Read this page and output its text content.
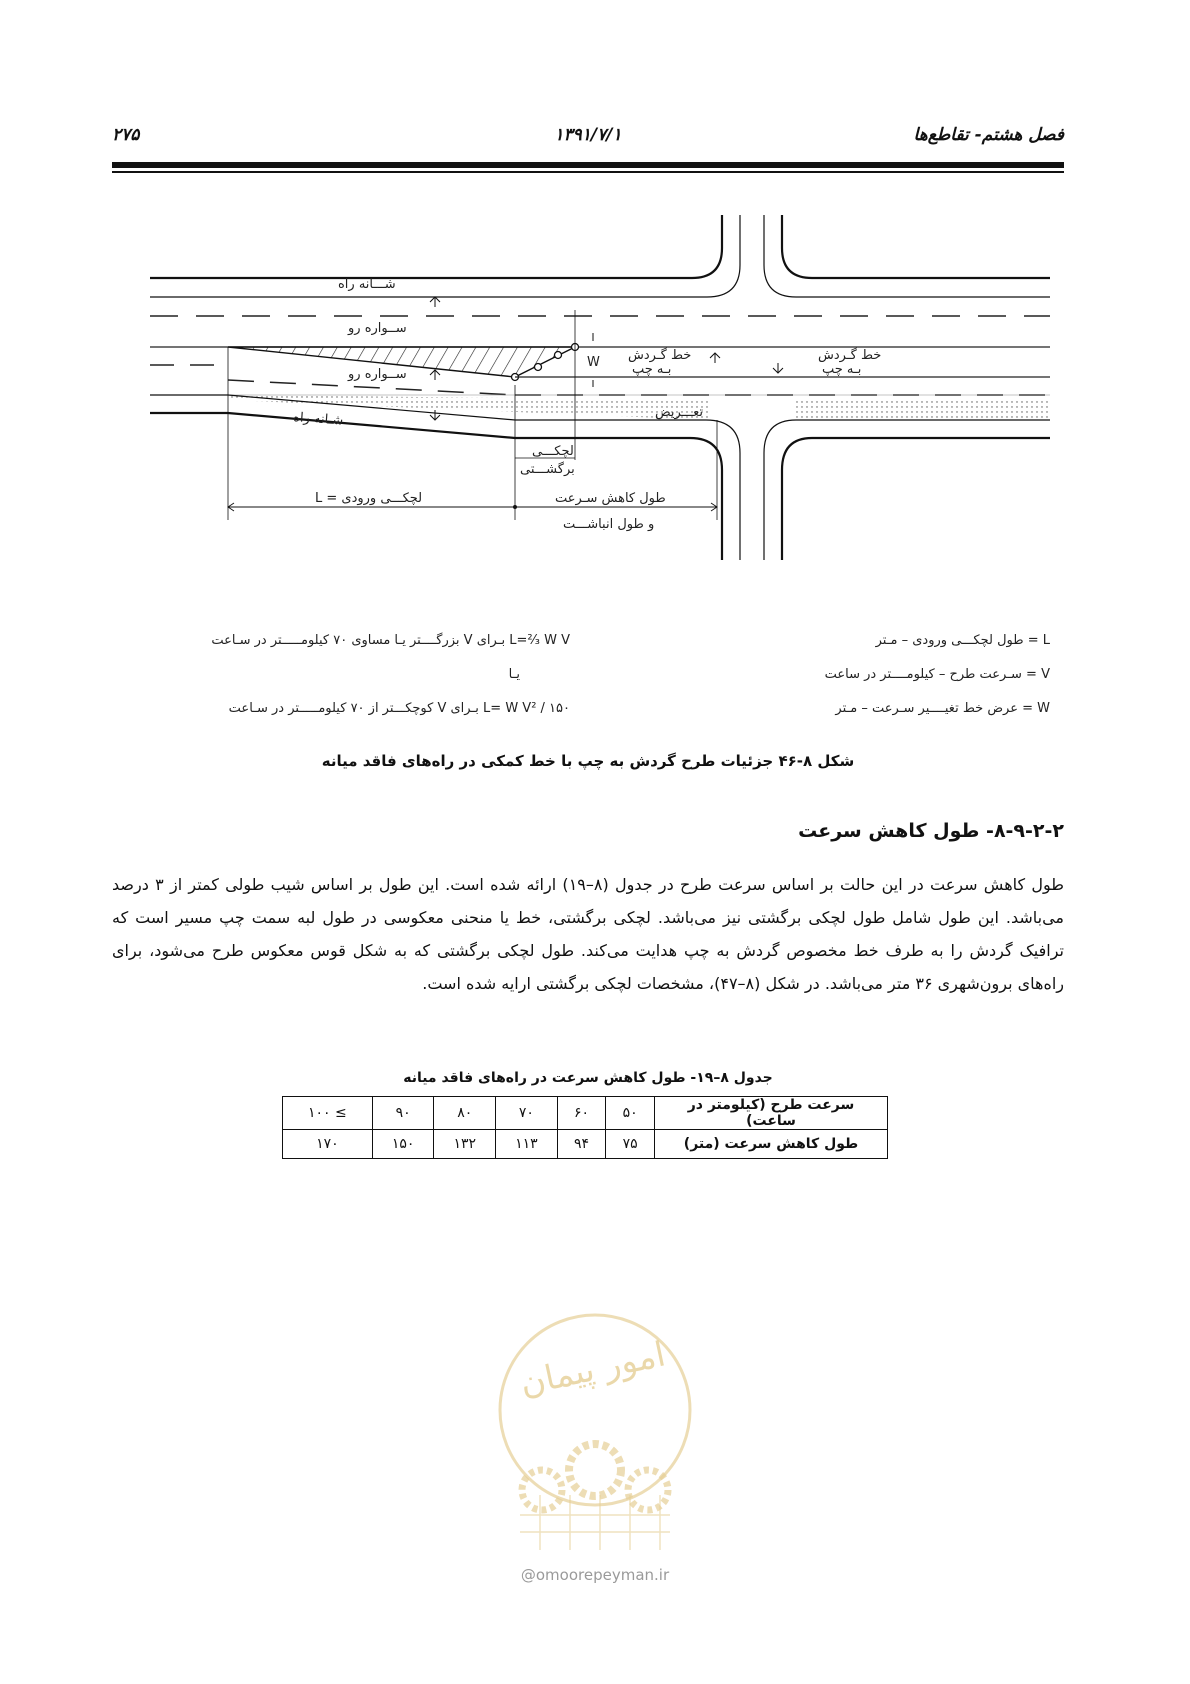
فصل هشتم- تقاطع‌ها
۱۳۹۱/۷/۱
۲۷۵
شـــانه راه
ســواره رو
ســواره رو
شـانه راه
خط گـردش
بـه چپ
خط گـردش
بـه چپ
W
تعـــريض
لچكـــی
برگشـــتی
L = لچكـــی ورودی	طول كاهش سـرعت
و طول انباشـــت
L = طول لچكـــی ورودی – مـتر
V = سـرعت طرح – كيلومــــتر در ساعت
W = عرض خط تغيــــير سـرعت – مـتر
L=²⁄₃ W V بـرای V بزرگــــتر يـا مساوی ۷۰ كيلومـــــتر در سـاعت
يـا
L= W V² / ۱۵۰ بـرای V كوچكـــتر از ۷۰ كيلومـــــتر در سـاعت
شكل ۸-۴۶ جزئيات طرح گردش به چپ با خط كمكی در راه‌های فاقد ميانه
۸-۹-۲-۲- طول كاهش سرعت
طول كاهش سرعت در اين حالت بر اساس سرعت طرح در جدول (۸–۱۹) ارائه شده است. اين طول بر اساس شيب طولی كمتر از ۳ درصد می‌باشد. اين طول شامل طول لچكی برگشتی نيز می‌باشد. لچكی برگشتی، خط يا منحنی معكوسی در طول لبه سمت چپ مسير است كه ترافيک گردش را به طرف خط مخصوص گردش به چپ هدايت می‌كند. طول لچكی برگشتی كه به شكل قوس معكوس طرح می‌شود، برای راه‌های برون‌شهری ۳۶ متر می‌باشد. در شكل (۸–۴۷)، مشخصات لچكی برگشتی ارايه شده است.
جدول ۸–۱۹- طول كاهش سرعت در راه‌های فاقد ميانه
سرعت طرح (كيلومتر در ساعت)	۵۰	۶۰	۷۰	۸۰	۹۰	≥ ۱۰۰
طول كاهش سرعت (متر)	۷۵	۹۴	۱۱۳	۱۳۲	۱۵۰	۱۷۰
امور پيمان
@omoorepeyman.ir
